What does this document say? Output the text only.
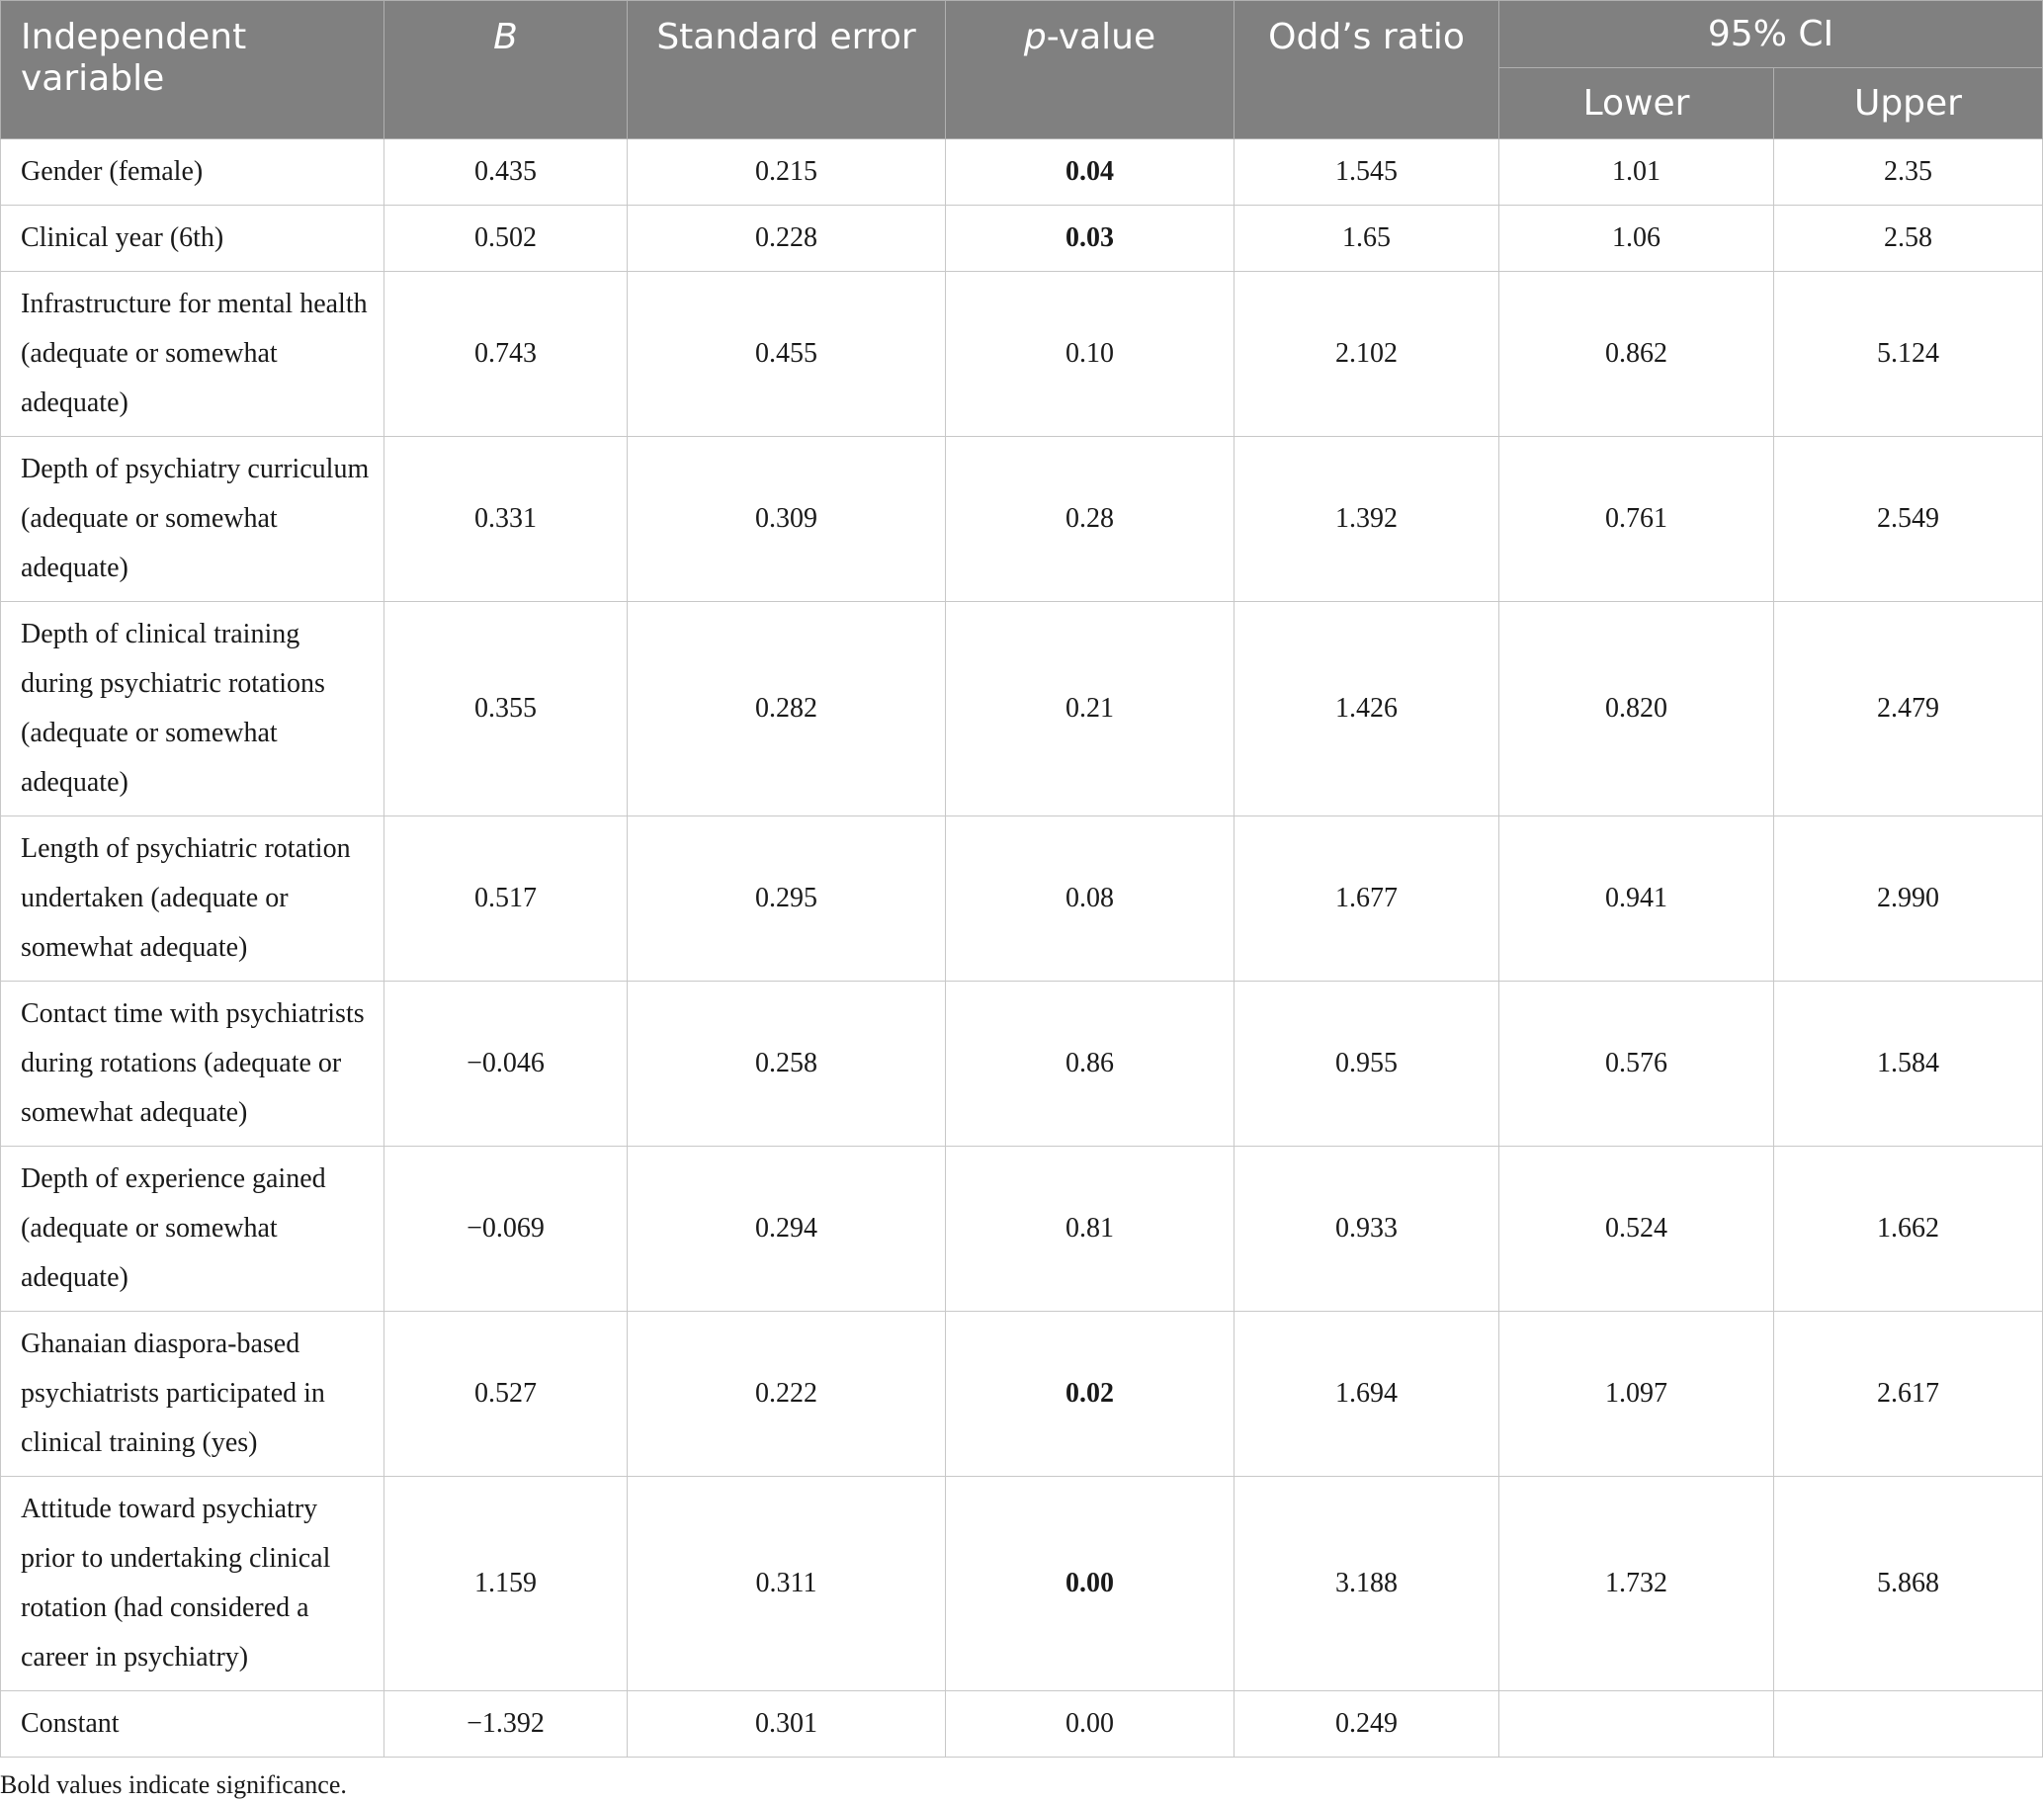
Independent variable	B	Standard error	p-value	Odd’s ratio	95% CI	
					Lower	Upper
Gender (female)	0.435	0.215	0.04	1.545	1.01	2.35
Clinical year (6th)	0.502	0.228	0.03	1.65	1.06	2.58
Infrastructure for mental health (adequate or somewhat adequate)	0.743	0.455	0.10	2.102	0.862	5.124
Depth of psychiatry curriculum (adequate or somewhat adequate)	0.331	0.309	0.28	1.392	0.761	2.549
Depth of clinical training during psychiatric rotations (adequate or somewhat adequate)	0.355	0.282	0.21	1.426	0.820	2.479
Length of psychiatric rotation undertaken (adequate or somewhat adequate)	0.517	0.295	0.08	1.677	0.941	2.990
Contact time with psychiatrists during rotations (adequate or somewhat adequate)	−0.046	0.258	0.86	0.955	0.576	1.584
Depth of experience gained (adequate or somewhat adequate)	−0.069	0.294	0.81	0.933	0.524	1.662
Ghanaian diaspora-based psychiatrists participated in clinical training (yes)	0.527	0.222	0.02	1.694	1.097	2.617
Attitude toward psychiatry prior to undertaking clinical rotation (had considered a career in psychiatry)	1.159	0.311	0.00	3.188	1.732	5.868
Constant	−1.392	0.301	0.00	0.249		
Bold values indicate significance.
